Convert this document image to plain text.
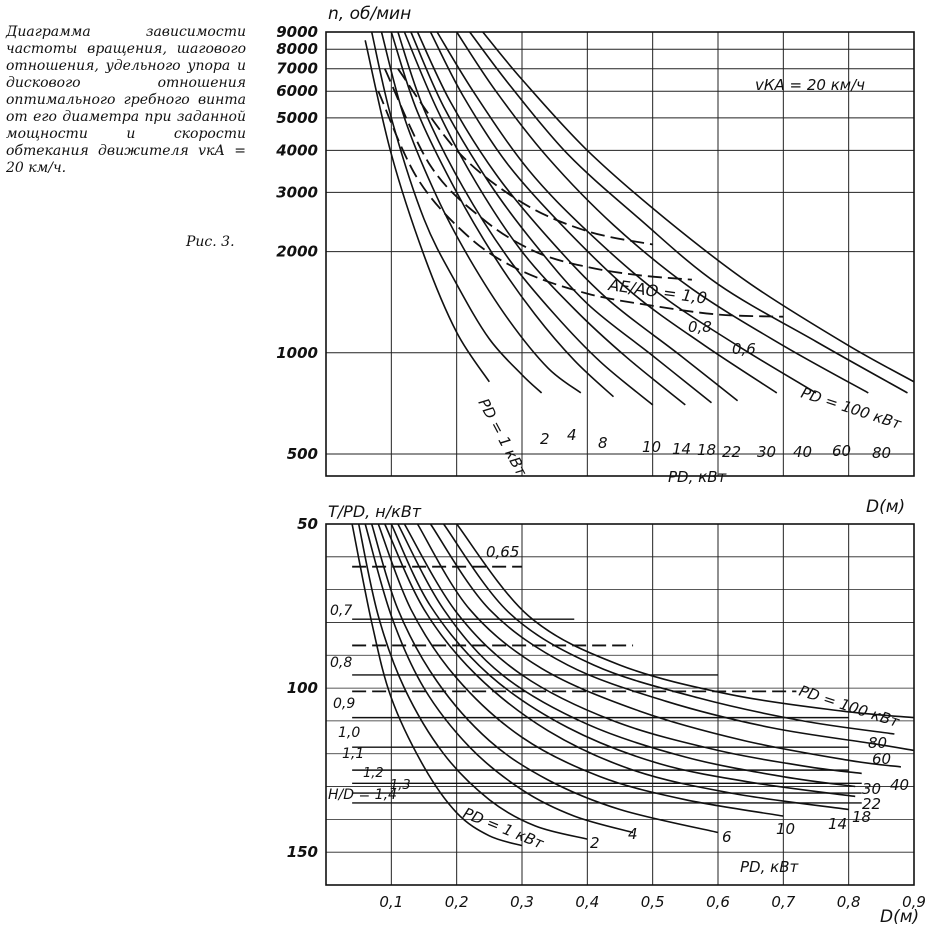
Диаграмма зависимости частоты вращения, шагового отношения, удельного упора и дискового отношения оптимального гребного винта от его диаметра при заданной мощности и скорости обтекания движителя vкА = 20 км/ч.
Рис. 3.
500
1000
2000
3000
4000
5000
6000
7000
8000
9000
n, об/мин
D(м)
vКА = 20 км/ч
PD, кВт
PD = 1 кВт 2 4 8 10 14 18 22 30 40 60 80
PD = 100 кВт
AE/AO = 1,0
0,8
0,6
50
100
150
0,1	0,2	0,3	0,4	0,5	0,6	0,7	0,8	0,9
T/PD, н/кВт
D(м)
PD, кВт
PD = 1 кВт	2 4	6	10 14 18
22
30 40
60
80
PD = 100 кВт
0,65
0,7
0,8
0,9
1,0
1,1
1,2
1,3
H/D = 1,4
